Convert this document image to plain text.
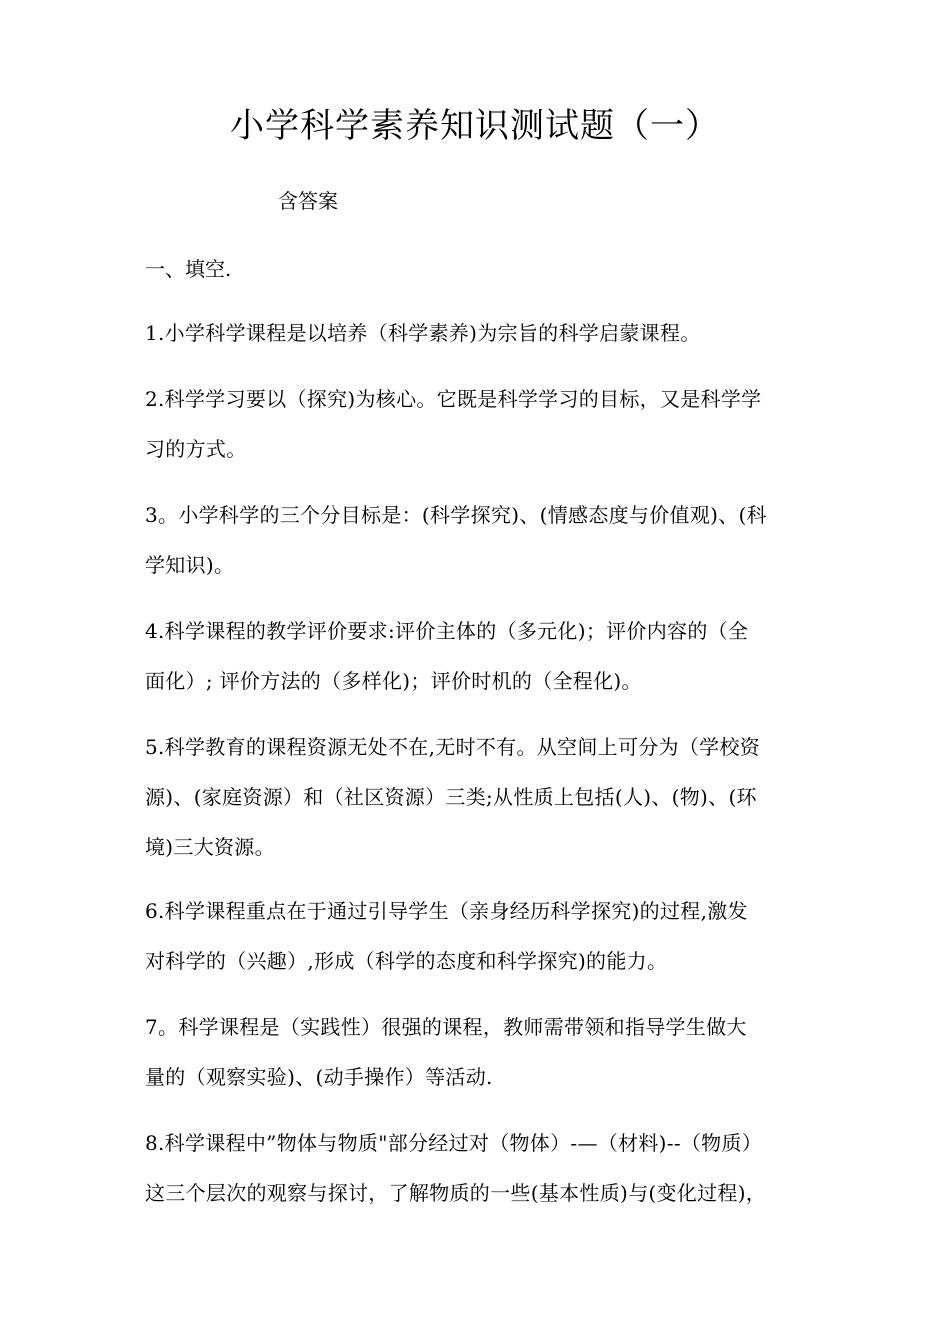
小学科学素养知识测试题（一）
含答案
一、填空.
1.小学科学课程是以培养（科学素养)为宗旨的科学启蒙课程。
2.科学学习要以（探究)为核心。它既是科学学习的目标，又是科学学
习的方式。
3。小学科学的三个分目标是：(科学探究)、(情感态度与价值观)、(科
学知识)。
4.科学课程的教学评价要求:评价主体的（多元化)；评价内容的（全
面化）; 评价方法的（多样化)；评价时机的（全程化)。
5.科学教育的课程资源无处不在,无时不有。从空间上可分为（学校资
源)、(家庭资源）和（社区资源）三类;从性质上包括(人)、(物)、(环
境)三大资源。
6.科学课程重点在于通过引导学生（亲身经历科学探究)的过程,激发
对科学的（兴趣）,形成（科学的态度和科学探究)的能力。
7。科学课程是（实践性）很强的课程，教师需带领和指导学生做大
量的（观察实验)、(动手操作）等活动.
8.科学课程中”物体与物质"部分经过对（物体）-—（材料)--（物质）
这三个层次的观察与探讨，了解物质的一些(基本性质)与(变化过程)，
